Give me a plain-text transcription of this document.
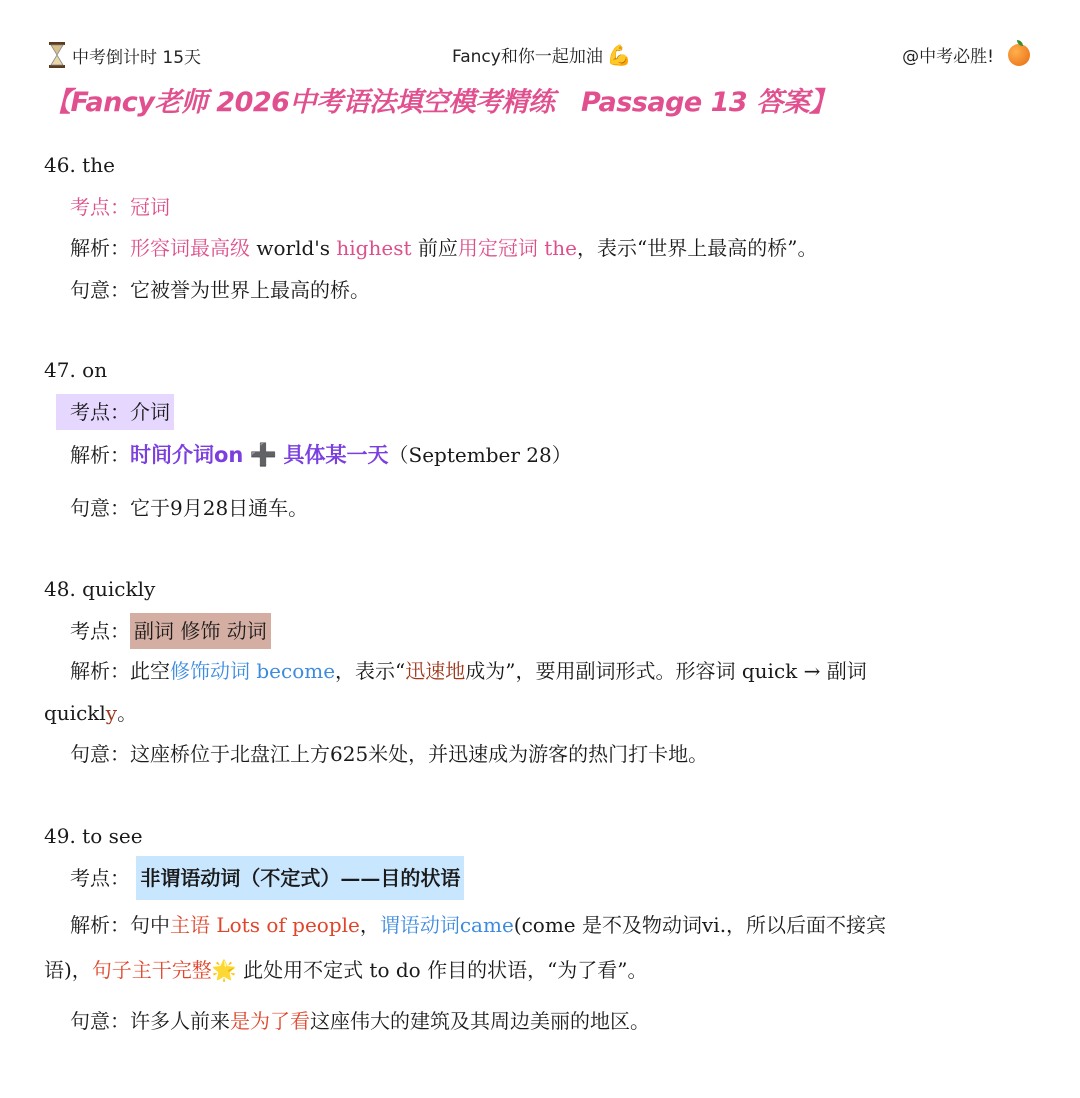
中考倒计时 15天	Fancy和你一起加油 💪	@中考必胜!
【Fancy老师 2026中考语法填空模考精练　Passage 13 答案】
46. the
考点：冠词
解析：形容词最高级 world's highest 前应用定冠词 the，表示“世界上最高的桥”。
句意：它被誉为世界上最高的桥。
47. on
考点：介词
解析：时间介词on ➕ 具体某一天（September 28）
句意：它于9月28日通车。
48. quickly
考点： 副词 修饰 动词
解析：此空修饰动词 become，表示“迅速地成为”，要用副词形式。形容词 quick → 副词
quickly。
句意：这座桥位于北盘江上方625米处，并迅速成为游客的热门打卡地。
49. to see
考点： 非谓语动词（不定式）——目的状语
解析：句中主语 Lots of people，谓语动词came(come 是不及物动词vi.，所以后面不接宾
语)，句子主干完整🌟 此处用不定式 to do 作目的状语，“为了看”。
句意：许多人前来是为了看这座伟大的建筑及其周边美丽的地区。
